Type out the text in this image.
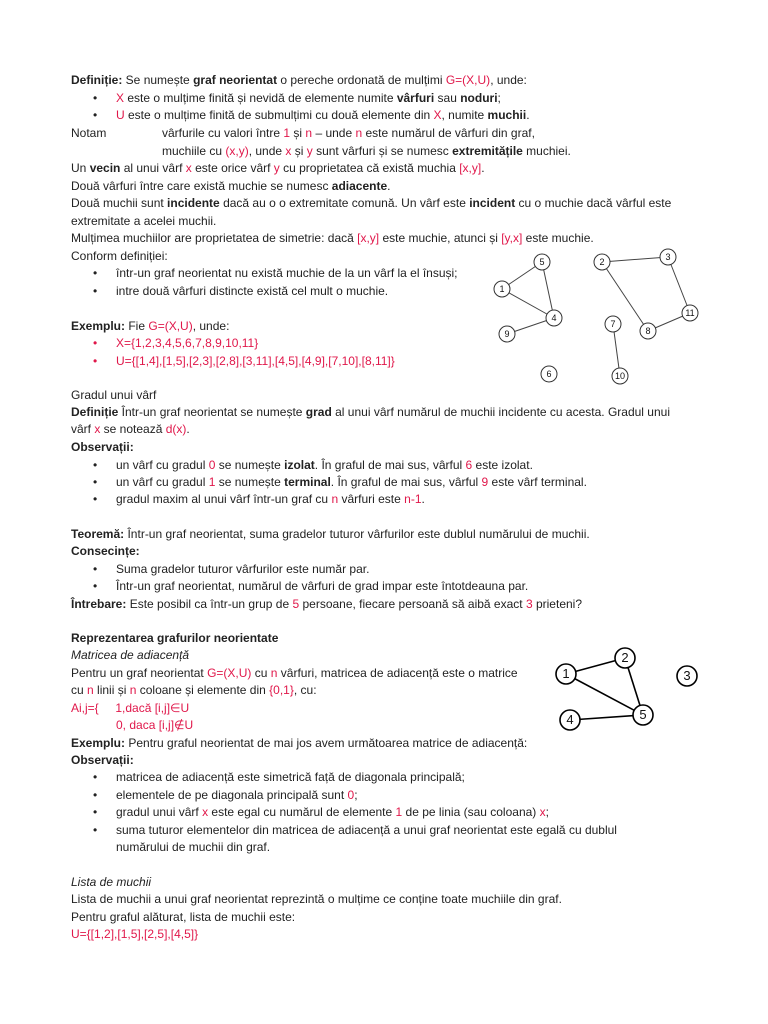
Definiție: Se numește graf neorientat o pereche ordonată de mulțimi G=(X,U), unde:
• X este o mulțime finită și nevidă de elemente numite vârfuri sau noduri;
• U este o mulțime finită de submulțimi cu două elemente din X, numite muchii.
Notam	vârfurile cu valori între 1 și n – unde n este numărul de vârfuri din graf,
muchiile cu (x,y), unde x și y sunt vârfuri și se numesc extremitățile muchiei.
Un vecin al unui vârf x este orice vârf y cu proprietatea că există muchia [x,y].
Două vârfuri între care există muchie se numesc adiacente.
Două muchii sunt incidente dacă au o o extremitate comună. Un vârf este incident cu o muchie dacă vârful este
extremitate a acelei muchii.
Mulțimea muchiilor are proprietatea de simetrie: dacă [x,y] este muchie, atunci și [y,x] este muchie.
Conform definiției:
• într-un graf neorientat nu există muchie de la un vârf la el însuși;
• intre două vârfuri distincte există cel mult o muchie.
Exemplu: Fie G=(X,U), unde:
• X={1,2,3,4,5,6,7,8,9,10,11}
• U={[1,4],[1,5],[2,3],[2,8],[3,11],[4,5],[4,9],[7,10],[8,11]}
Gradul unui vârf
Definiție Într-un graf neorientat se numește grad al unui vârf numărul de muchii incidente cu acesta. Gradul unui
vârf x se notează d(x).
Observații:
• un vârf cu gradul 0 se numește izolat. În graful de mai sus, vârful 6 este izolat.
• un vârf cu gradul 1 se numește terminal. În graful de mai sus, vârful 9 este vârf terminal.
• gradul maxim al unui vârf într-un graf cu n vârfuri este n-1.
Teoremă: Într-un graf neorientat, suma gradelor tuturor vârfurilor este dublul numărului de muchii.
Consecințe:
• Suma gradelor tuturor vârfurilor este număr par.
• Într-un graf neorientat, numărul de vârfuri de grad impar este întotdeauna par.
Întrebare: Este posibil ca într-un grup de 5 persoane, fiecare persoană să aibă exact 3 prieteni?
Reprezentarea grafurilor neorientate
Matricea de adiacență
Pentru un graf neorientat G=(X,U) cu n vârfuri, matricea de adiacență este o matrice
cu n linii și n coloane și elemente din {0,1}, cu:
Ai,j={     1,dacă [i,j]∈U
0, daca [i,j]∉U
Exemplu: Pentru graful neorientat de mai jos avem următoarea matrice de adiacență:
Observații:
• matricea de adiacență este simetrică față de diagonala principală;
• elementele de pe diagonala principală sunt 0;
• gradul unui vârf x este egal cu numărul de elemente 1 de pe linia (sau coloana) x;
• suma tuturor elementelor din matricea de adiacență a unui graf neorientat este egală cu dublul
numărului de muchii din graf.
Lista de muchii
Lista de muchii a unui graf neorientat reprezintă o mulțime ce conține toate muchiile din graf.
Pentru graful alăturat, lista de muchii este:
U={[1,2],[1,5],[2,5],[4,5]}
1
2	3
4
5
6
7
8
9
10
11
1
2
3
4	5
